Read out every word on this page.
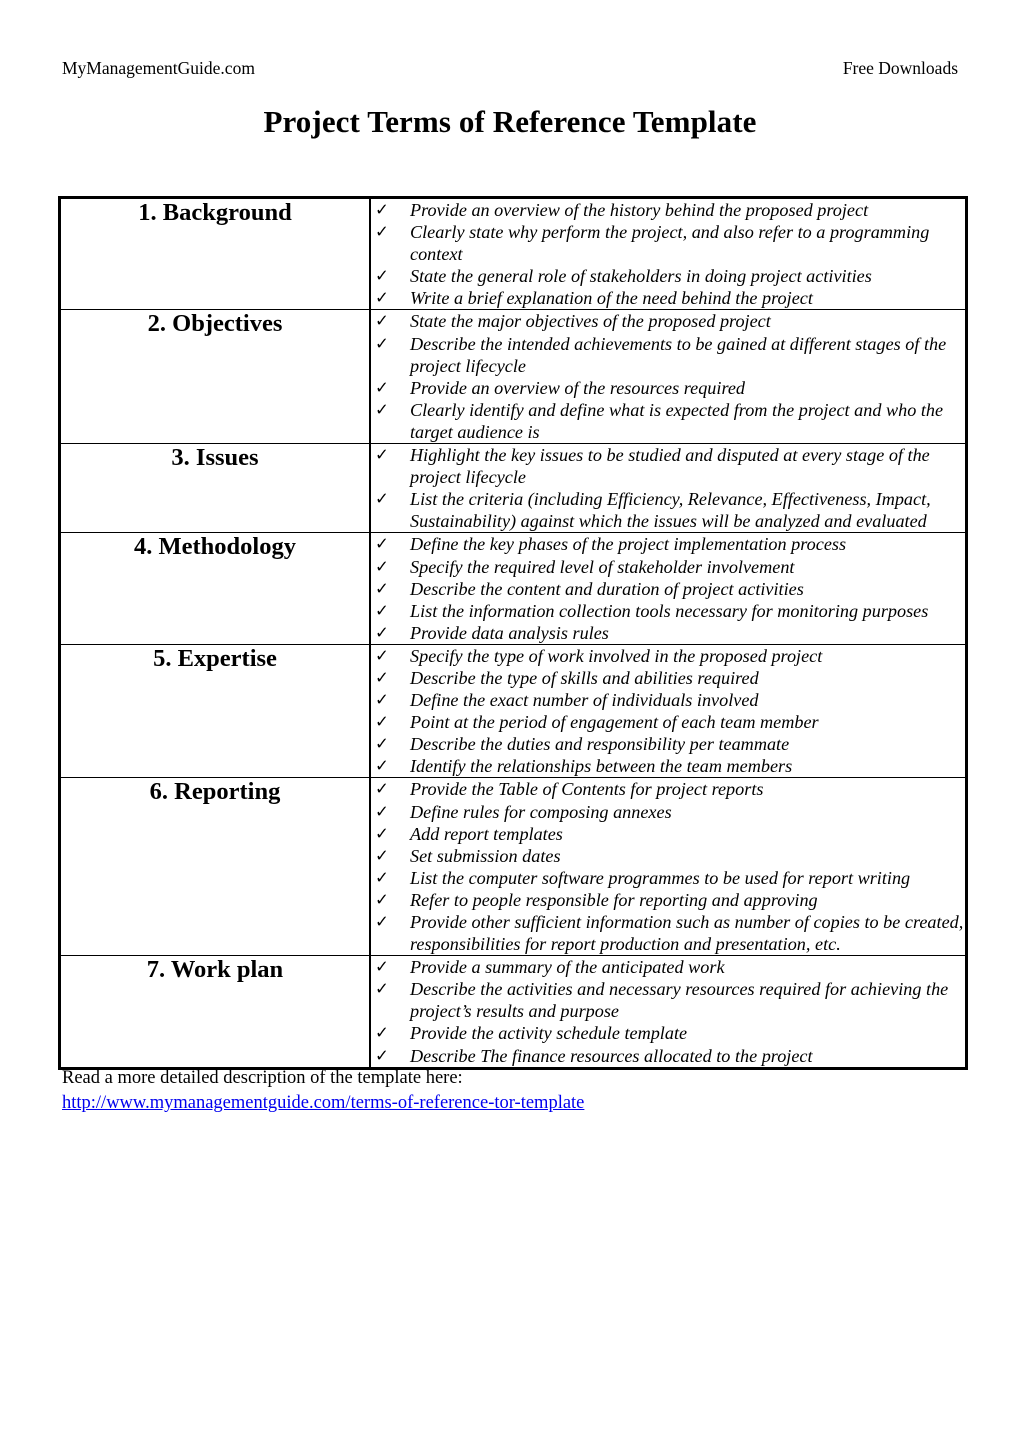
MyManagementGuide.com	Free Downloads
Project Terms of Reference Template
1. Background	✓ Provide an overview of the history behind the proposed project
✓ Clearly state why perform the project, and also refer to a programming context
✓ State the general role of stakeholders in doing project activities
✓ Write a brief explanation of the need behind the project

2. Objectives	✓ State the major objectives of the proposed project
✓ Describe the intended achievements to be gained at different stages of the project lifecycle
✓ Provide an overview of the resources required
✓ Clearly identify and define what is expected from the project and who the target audience is

3. Issues	✓ Highlight the key issues to be studied and disputed at every stage of the project lifecycle
✓ List the criteria (including Efficiency, Relevance, Effectiveness, Impact, Sustainability) against which the issues will be analyzed and evaluated

4. Methodology	✓ Define the key phases of the project implementation process
✓ Specify the required level of stakeholder involvement
✓ Describe the content and duration of project activities
✓ List the information collection tools necessary for monitoring purposes
✓ Provide data analysis rules

5. Expertise	✓ Specify the type of work involved in the proposed project
✓ Describe the type of skills and abilities required
✓ Define the exact number of individuals involved
✓ Point at the period of engagement of each team member
✓ Describe the duties and responsibility per teammate
✓ Identify the relationships between the team members

6. Reporting	✓ Provide the Table of Contents for project reports
✓ Define rules for composing annexes
✓ Add report templates
✓ Set submission dates
✓ List the computer software programmes to be used for report writing
✓ Refer to people responsible for reporting and approving
✓ Provide other sufficient information such as number of copies to be created, responsibilities for report production and presentation, etc.

7. Work plan	✓ Provide a summary of the anticipated work
✓ Describe the activities and necessary resources required for achieving the project’s results and purpose
✓ Provide the activity schedule template
✓ Describe The finance resources allocated to the project
Read a more detailed description of the template here:
http://www.mymanagementguide.com/terms-of-reference-tor-template
